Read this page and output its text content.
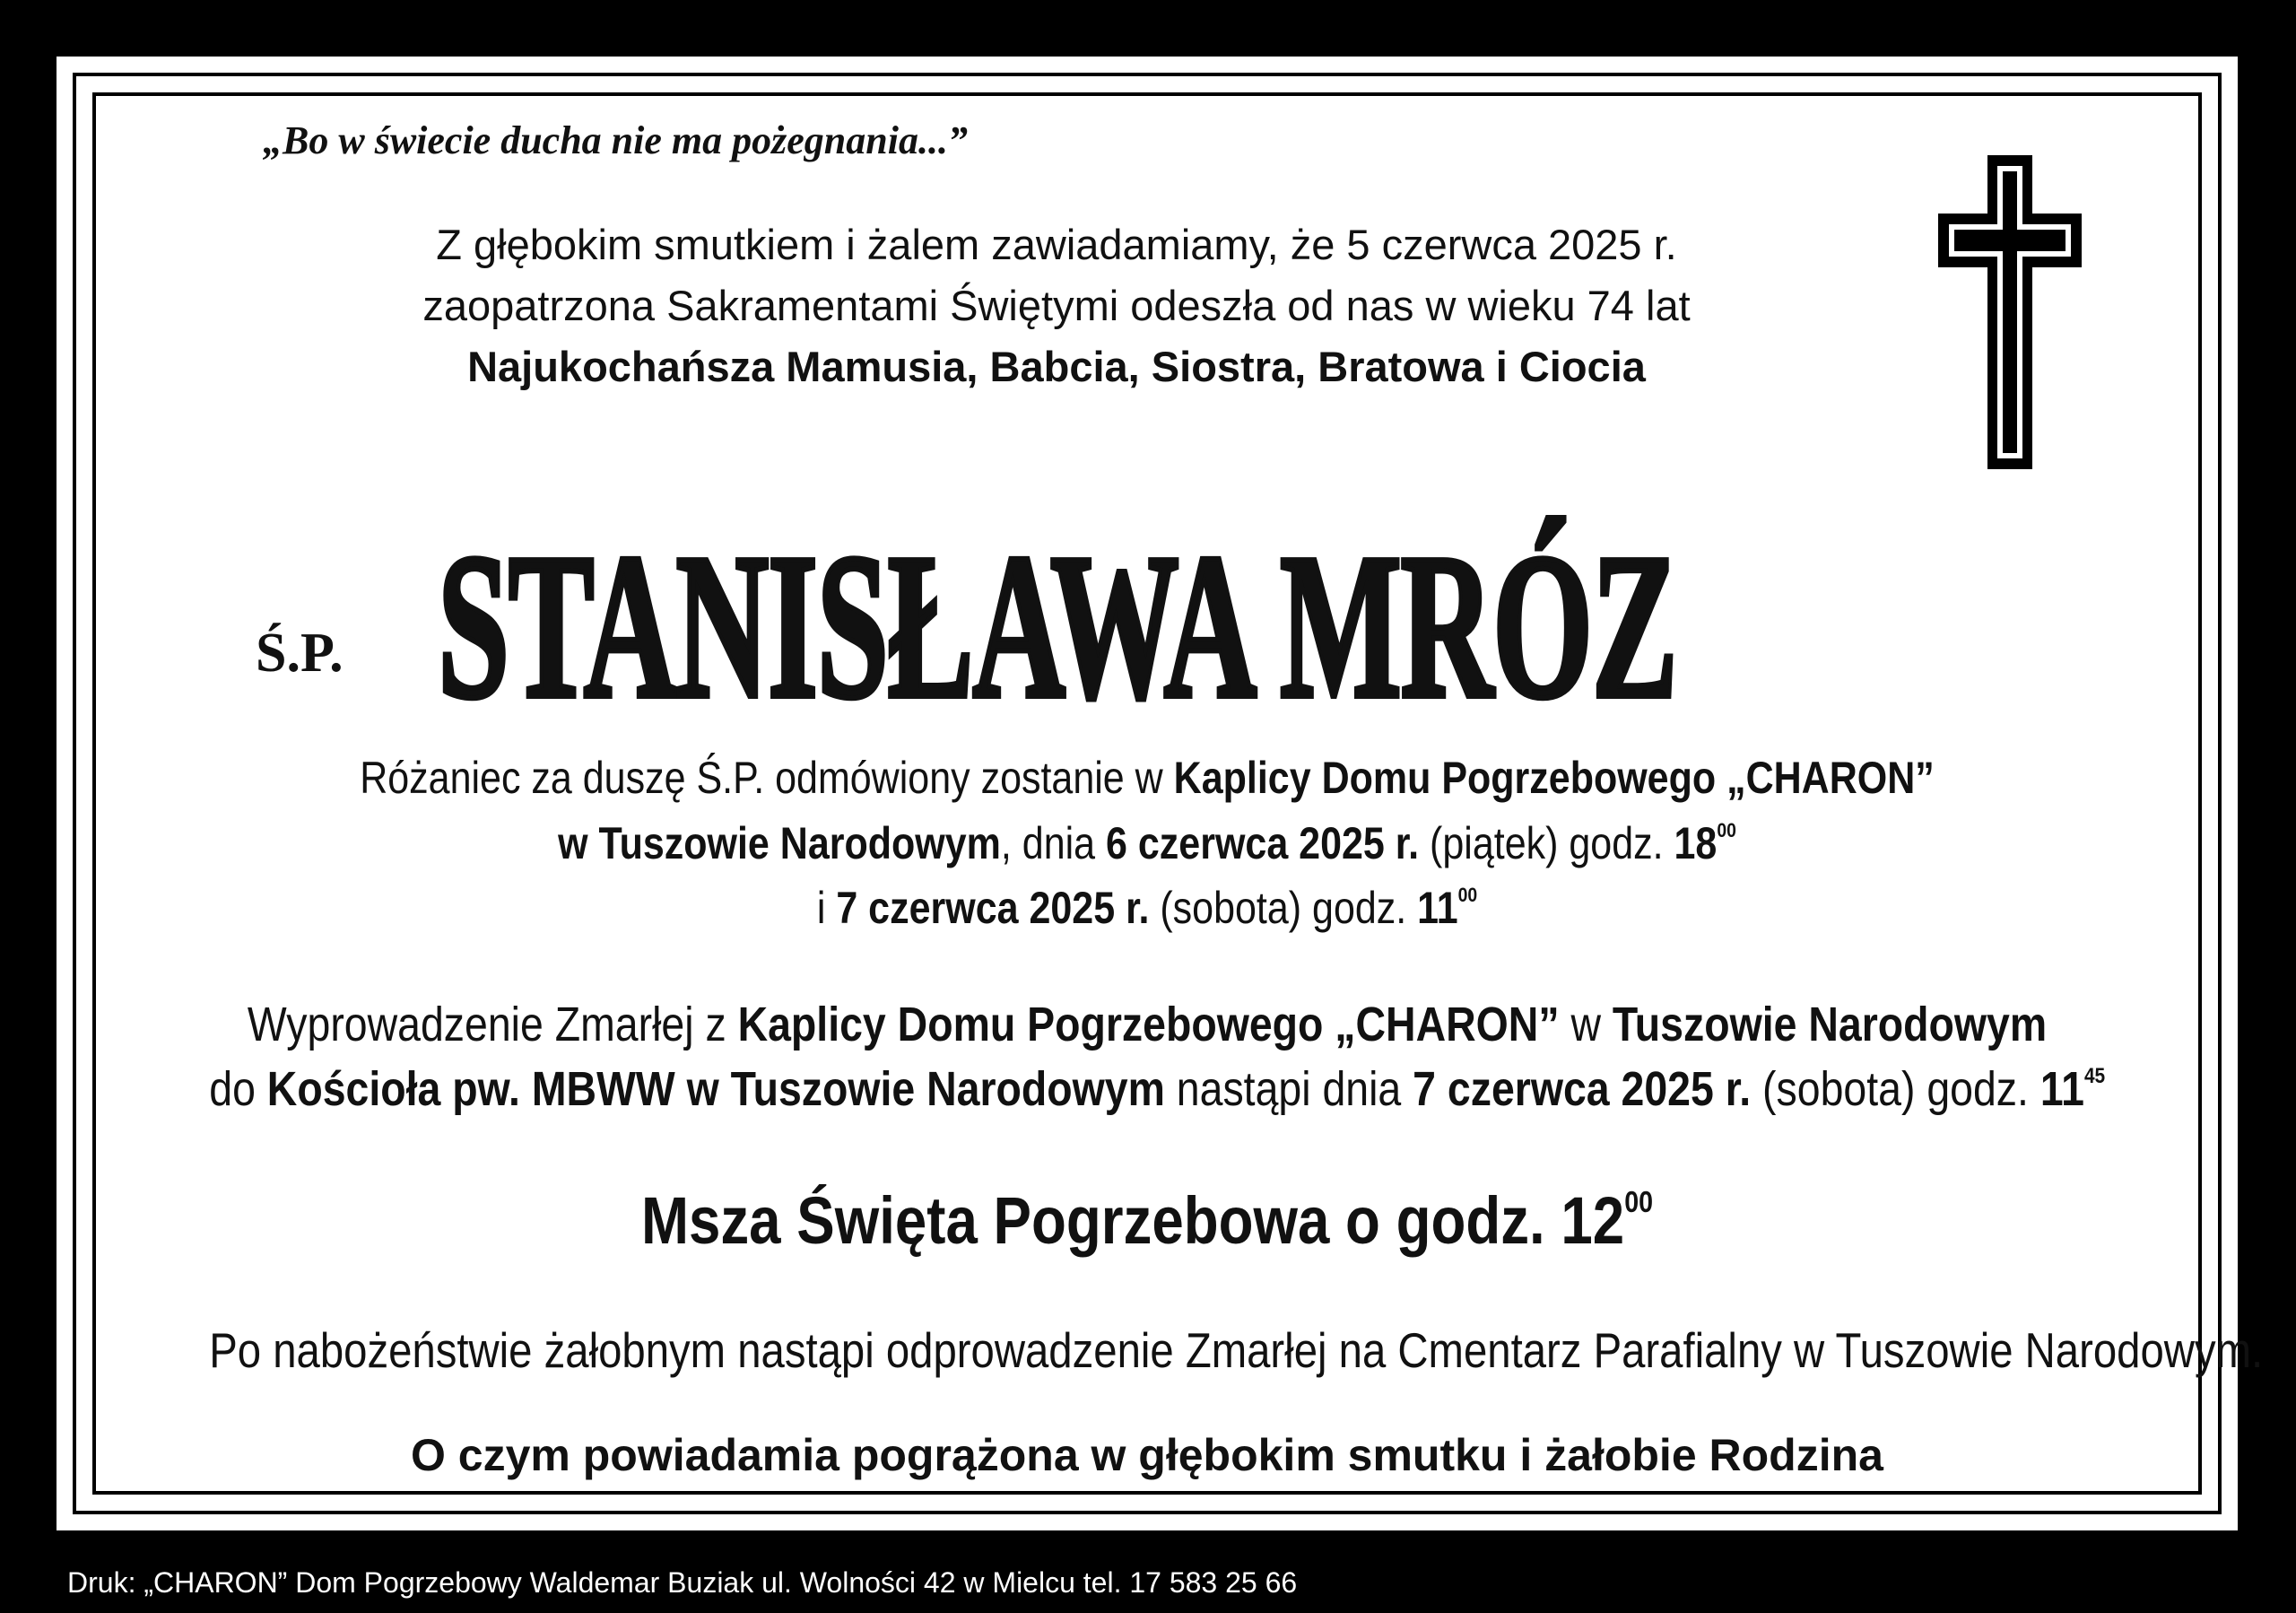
„Bo w świecie ducha nie ma pożegnania...”
Z głębokim smutkiem i żalem zawiadamiamy, że 5 czerwca 2025 r.
zaopatrzona Sakramentami Świętymi odeszła od nas w wieku 74 lat
Najukochańsza Mamusia, Babcia, Siostra, Bratowa i Ciocia
Ś.P. STANISŁAWA MRÓZ
Różaniec za duszę Ś.P. odmówiony zostanie w Kaplicy Domu Pogrzebowego „CHARON”
w Tuszowie Narodowym, dnia 6 czerwca 2025 r. (piątek) godz. $18^{00}$
i 7 czerwca 2025 r. (sobota) godz. $11^{00}$
Wyprowadzenie Zmarłej z Kaplicy Domu Pogrzebowego „CHARON” w Tuszowie Narodowym
do Kościoła pw. MBWW w Tuszowie Narodowym nastąpi dnia 7 czerwca 2025 r. (sobota) godz. $11^{45}$
Msza Święta Pogrzebowa o godz. $12^{00}$
Po nabożeństwie żałobnym nastąpi odprowadzenie Zmarłej na Cmentarz Parafialny w Tuszowie Narodowym.
O czym powiadamia pogrążona w głębokim smutku i żałobie Rodzina
Druk: „CHARON” Dom Pogrzebowy Waldemar Buziak ul. Wolności 42 w Mielcu tel. 17 583 25 66
